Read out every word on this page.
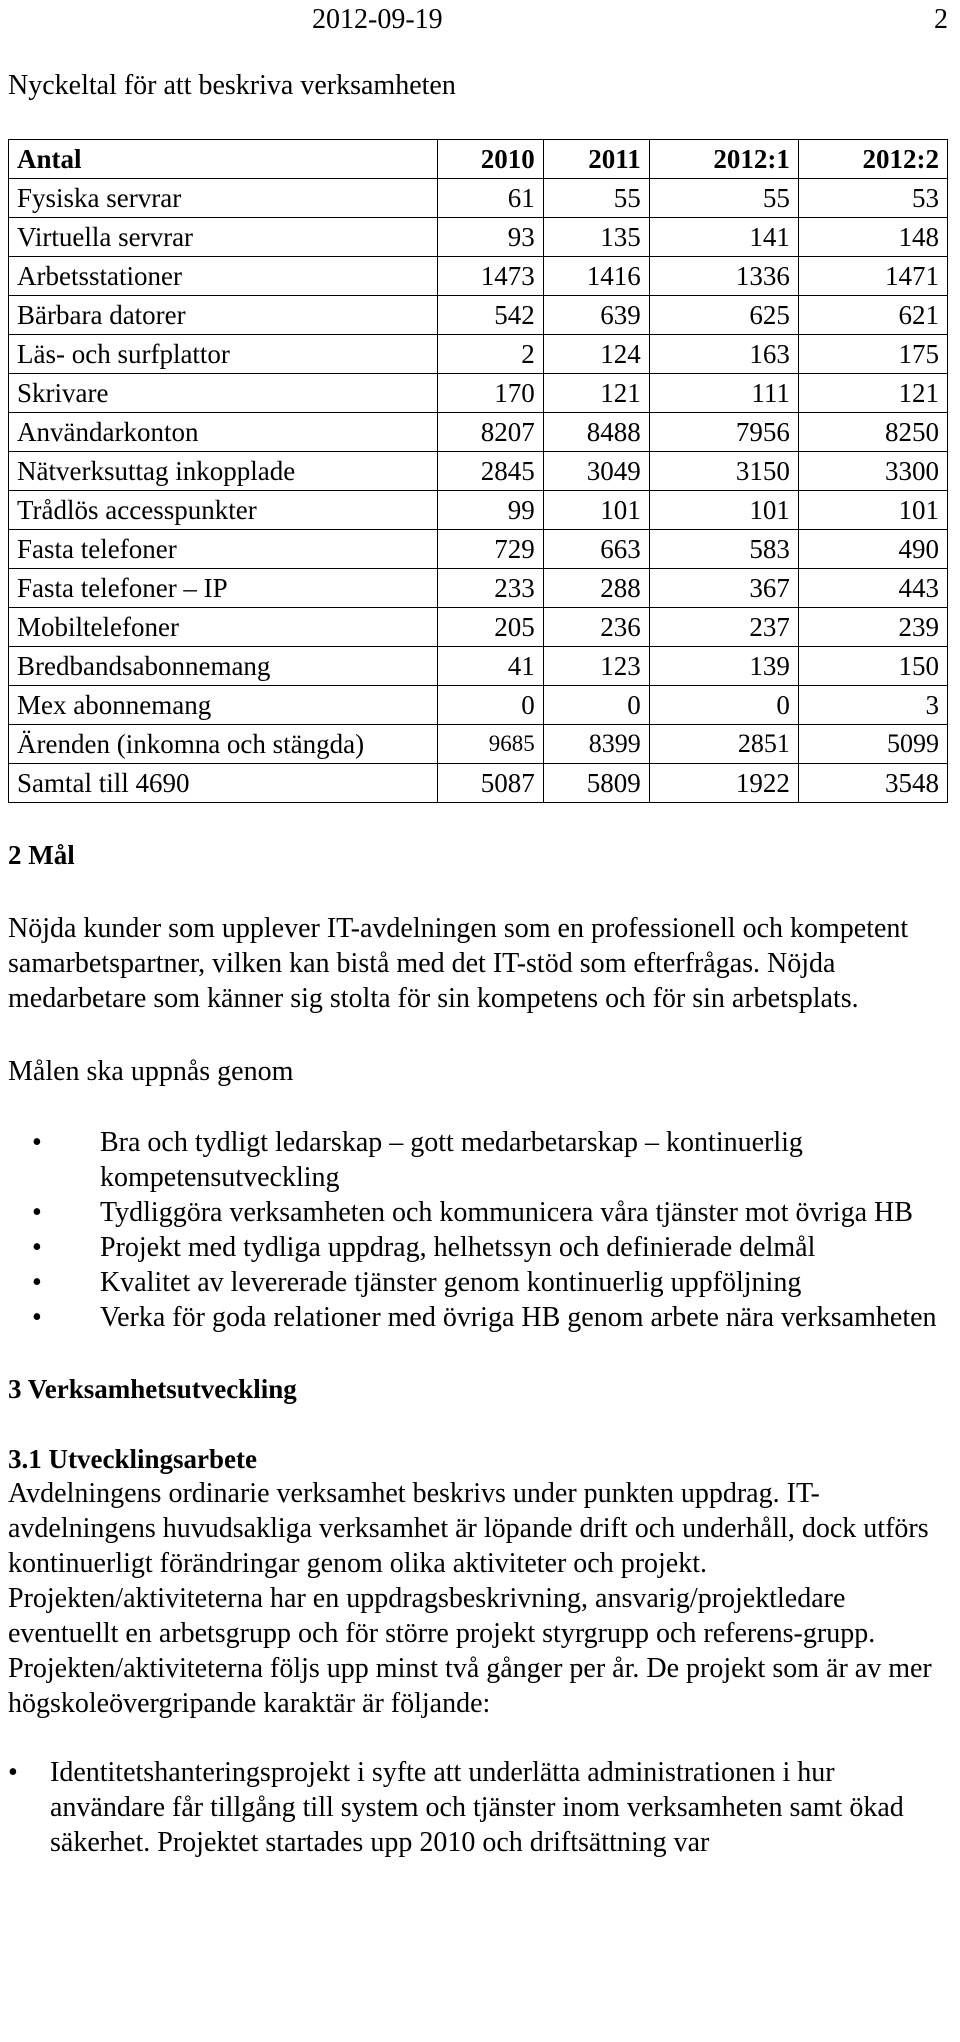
2012-09-19	2
Nyckeltal för att beskriva verksamheten
Antal	2010	2011	2012:1	2012:2
Fysiska servrar	61	55	55	53
Virtuella servrar	93	135	141	148
Arbetsstationer	1473	1416	1336	1471
Bärbara datorer	542	639	625	621
Läs- och surfplattor	2	124	163	175
Skrivare	170	121	111	121
Användarkonton	8207	8488	7956	8250
Nätverksuttag inkopplade	2845	3049	3150	3300
Trådlös accesspunkter	99	101	101	101
Fasta telefoner	729	663	583	490
Fasta telefoner – IP	233	288	367	443
Mobiltelefoner	205	236	237	239
Bredbandsabonnemang	41	123	139	150
Mex abonnemang	0	0	0	3
Ärenden (inkomna och stängda)	9685	8399	2851	5099
Samtal till 4690	5087	5809	1922	3548
2 Mål

Nöjda kunder som upplever IT-avdelningen som en professionell och kompetent samarbetspartner, vilken kan bistå med det IT-stöd som efterfrågas. Nöjda medarbetare som känner sig stolta för sin kompetens och för sin arbetsplats.

Målen ska uppnås genom

• Bra och tydligt ledarskap – gott medarbetarskap – kontinuerlig kompetensutveckling
• Tydliggöra verksamheten och kommunicera våra tjänster mot övriga HB
• Projekt med tydliga uppdrag, helhetssyn och definierade delmål
• Kvalitet av levererade tjänster genom kontinuerlig uppföljning
• Verka för goda relationer med övriga HB genom arbete nära verksamheten
3 Verksamhetsutveckling
3.1 Utvecklingsarbete

Avdelningens ordinarie verksamhet beskrivs under punkten uppdrag. IT-avdelningens huvudsakliga verksamhet är löpande drift och underhåll, dock utförs kontinuerligt förändringar genom olika aktiviteter och projekt. Projekten/aktiviteterna har en uppdragsbeskrivning, ansvarig/projektledare eventuellt en arbetsgrupp och för större projekt styrgrupp och referens-grupp. Projekten/aktiviteterna följs upp minst två gånger per år. De projekt som är av mer högskoleövergripande karaktär är följande:

• Identitetshanteringsprojekt i syfte att underlätta administrationen i hur användare får tillgång till system och tjänster inom verksamheten samt ökad säkerhet. Projektet startades upp 2010 och driftsättning var
